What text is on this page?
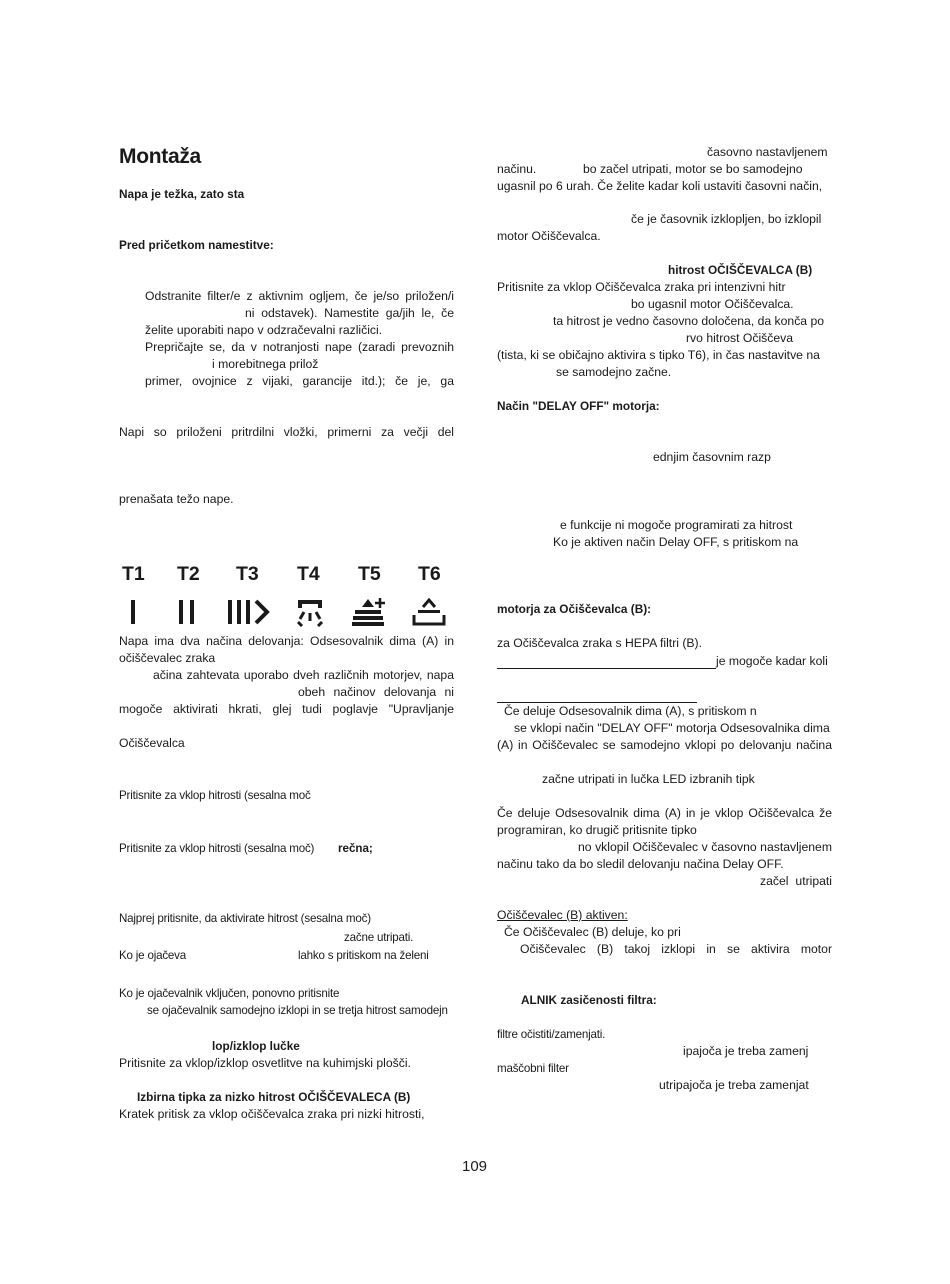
Montaža
Napa je težka, zato sta
Pred pričetkom namestitve:
Odstranite filter/e z aktivnim ogljem, če je/so priložen/i
ni odstavek). Namestite ga/jih le, če
želite uporabiti napo v odzračevalni različici.
Prepričajte se, da v notranjosti nape (zaradi prevoznih
i morebitnega prilož
primer, ovojnice z vijaki, garancije itd.); če je, ga
Napi so priloženi pritrdilni vložki, primerni za večji del
prenašata težo nape.
T1 T2 T3 T4 T5 T6
Napa ima dva načina delovanja: Odsesovalnik dima (A) in
očiščevalec zraka
ačina zahtevata uporabo dveh različnih motorjev, napa
obeh načinov delovanja ni
mogoče aktivirati hkrati, glej tudi poglavje "Upravljanje
Očiščevalca
Pritisnite za vklop hitrosti (sesalna moč
Pritisnite za vklop hitrosti (sesalna moč) rečna;
Najprej pritisnite, da aktivirate hitrost (sesalna moč)
začne utripati.
Ko je ojačeva	lahko s pritiskom na želeni
Ko je ojačevalnik vključen, ponovno pritisnite
se ojačevalnik samodejno izklopi in se tretja hitrost samodejn
lop/izklop lučke
Pritisnite za vklop/izklop osvetlitve na kuhimjski plošči.
Izbirna tipka za nizko hitrost OČIŠČEVALECA (B)
Kratek pritisk za vklop očiščevalca zraka pri nizki hitrosti,
časovno nastavljenem
načinu.	bo začel utripati, motor se bo samodejno
ugasnil po 6 urah. Če želite kadar koli ustaviti časovni način,
če je časovnik izklopljen, bo izklopil
motor Očiščevalca.
hitrost OČIŠČEVALCA (B)
Pritisnite za vklop Očiščevalca zraka pri intenzivni hitr
bo ugasnil motor Očiščevalca.
ta hitrost je vedno časovno določena, da konča po
rvo hitrost Očiščeva
(tista, ki se običajno aktivira s tipko T6), in čas nastavitve na
se samodejno začne.
Način "DELAY OFF" motorja:
ednjim časovnim razp
e funkcije ni mogoče programirati za hitrost
Ko je aktiven način Delay OFF, s pritiskom na
motorja za Očiščevalca (B):
za Očiščevalca zraka s HEPA filtri (B).
je mogoče kadar koli
Če deluje Odsesovalnik dima (A), s pritiskom n
se vklopi način "DELAY OFF" motorja Odsesovalnika dima
(A) in Očiščevalec se samodejno vklopi po delovanju načina
začne utripati in lučka LED izbranih tipk
Če deluje Odsesovalnik dima (A) in je vklop Očiščevalca že
programiran, ko drugič pritisnite tipko
no vklopil Očiščevalec v časovno nastavljenem
načinu tako da bo sledil delovanju načina Delay OFF.
začel utripati
Očiščevalec (B) aktiven:
Če Očiščevalec (B) deluje, ko pri
Očiščevalec (B) takoj izklopi in se aktivira motor
ALNIK zasičenosti filtra:
filtre očistiti/zamenjati.
ipajoča je treba zamenj
maščobni filter
utripajoča je treba zamenjat
109
